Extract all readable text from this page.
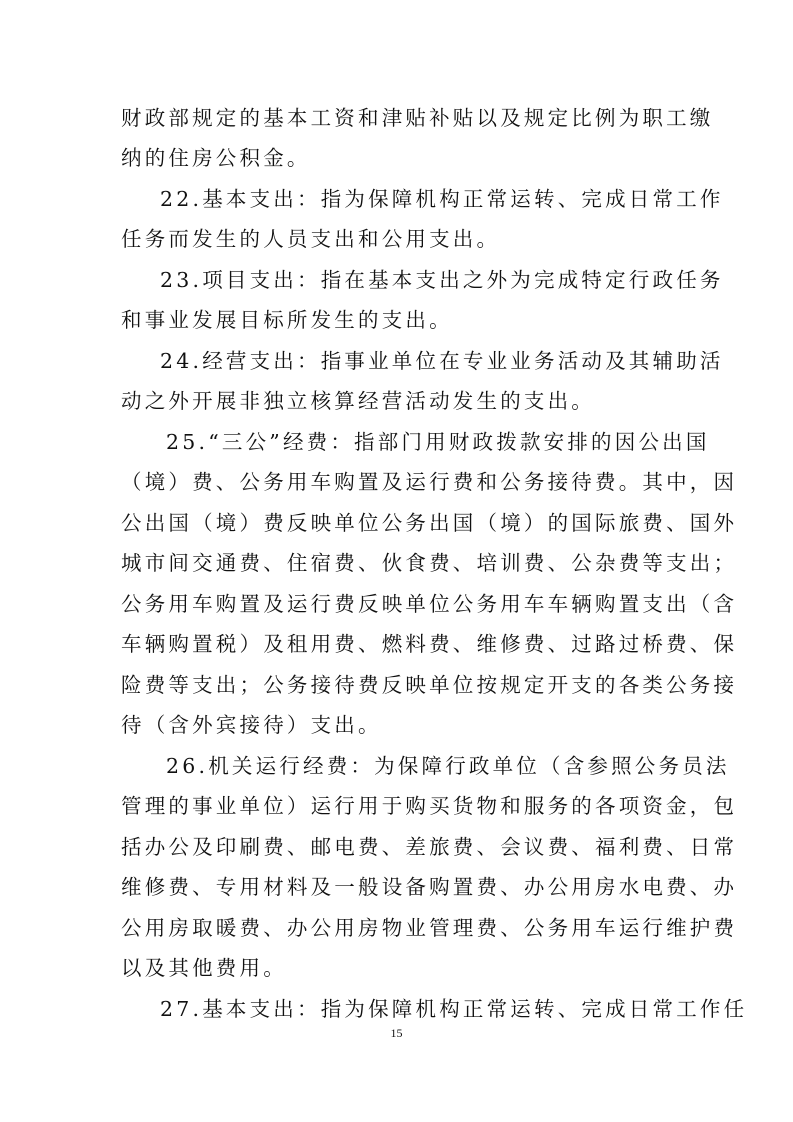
财政部规定的基本工资和津贴补贴以及规定比例为职工缴
纳的住房公积金。
22.基本支出：指为保障机构正常运转、完成日常工作
任务而发生的人员支出和公用支出。
23.项目支出：指在基本支出之外为完成特定行政任务
和事业发展目标所发生的支出。
24.经营支出：指事业单位在专业业务活动及其辅助活
动之外开展非独立核算经营活动发生的支出。
25.“三公”经费：指部门用财政拨款安排的因公出国
（境）费、公务用车购置及运行费和公务接待费。其中，因
公出国（境）费反映单位公务出国（境）的国际旅费、国外
城市间交通费、住宿费、伙食费、培训费、公杂费等支出；
公务用车购置及运行费反映单位公务用车车辆购置支出（含
车辆购置税）及租用费、燃料费、维修费、过路过桥费、保
险费等支出；公务接待费反映单位按规定开支的各类公务接
待（含外宾接待）支出。
26.机关运行经费：为保障行政单位（含参照公务员法
管理的事业单位）运行用于购买货物和服务的各项资金，包
括办公及印刷费、邮电费、差旅费、会议费、福利费、日常
维修费、专用材料及一般设备购置费、办公用房水电费、办
公用房取暖费、办公用房物业管理费、公务用车运行维护费
以及其他费用。
27.基本支出：指为保障机构正常运转、完成日常工作任
15
